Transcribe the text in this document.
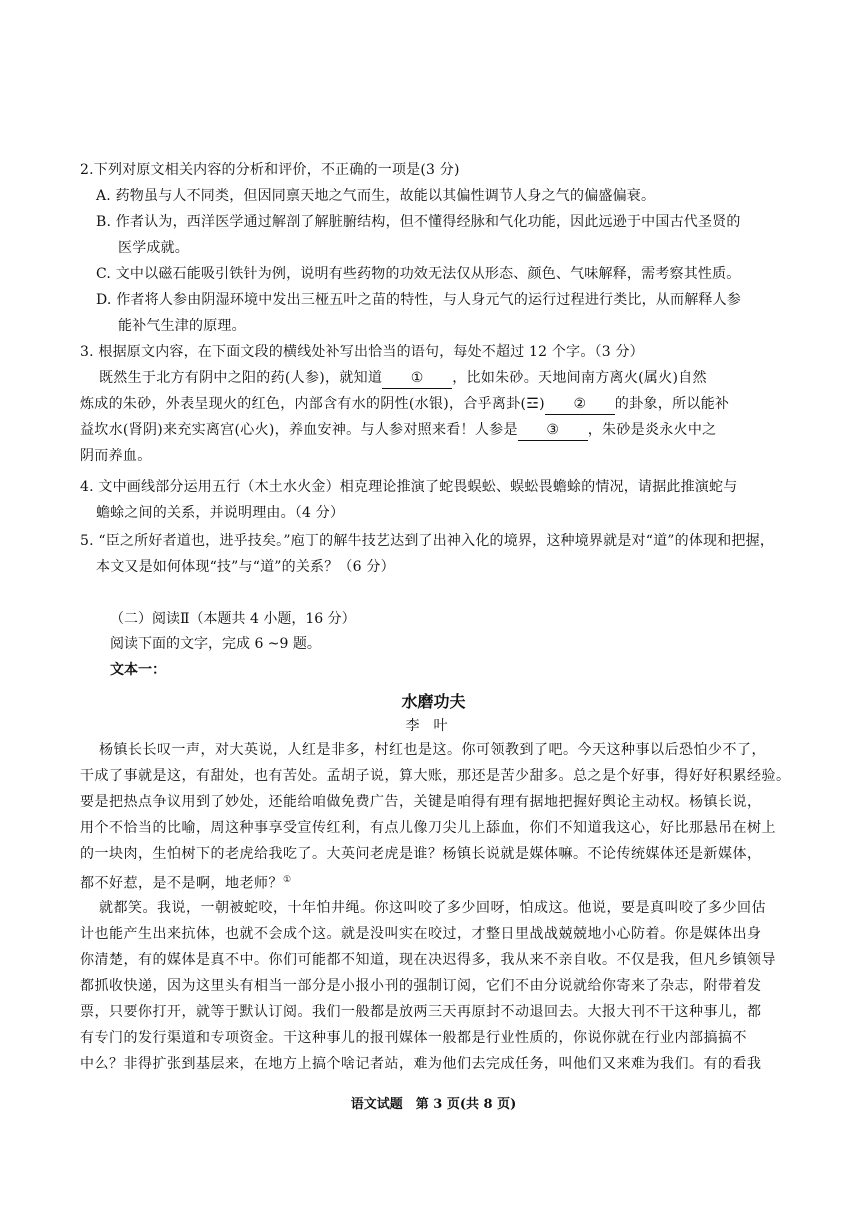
2.下列对原文相关内容的分析和评价，不正确的一项是(3 分)
A. 药物虽与人不同类，但因同禀天地之气而生，故能以其偏性调节人身之气的偏盛偏衰。
B. 作者认为，西洋医学通过解剖了解脏腑结构，但不懂得经脉和气化功能，因此远逊于中国古代圣贤的
医学成就。
C. 文中以磁石能吸引铁针为例，说明有些药物的功效无法仅从形态、颜色、气味解释，需考察其性质。
D. 作者将人参由阴湿环境中发出三桠五叶之苗的特性，与人身元气的运行过程进行类比，从而解释人参
能补气生津的原理。
3. 根据原文内容，在下面文段的横线处补写出恰当的语句，每处不超过 12 个字。（3 分）
既然生于北方有阴中之阳的药(人参)，就知道 ① ，比如朱砂。天地间南方离火(属火)自然
炼成的朱砂，外表呈现火的红色，内部含有水的阴性(水银)，合乎离卦(☲) ② 的卦象，所以能补
益坎水(肾阴)来充实离宫(心火)，养血安神。与人参对照来看！人参是 ③ ，朱砂是炎永火中之
阴而养血。
4. 文中画线部分运用五行（木土水火金）相克理论推演了蛇畏蜈蚣、蜈蚣畏蟾蜍的情况，请据此推演蛇与
蟾蜍之间的关系，并说明理由。（4 分）
5. “臣之所好者道也，进乎技矣。”庖丁的解牛技艺达到了出神入化的境界，这种境界就是对“道”的体现和把握，
本文又是如何体现“技”与“道”的关系？（6 分）
（二）阅读Ⅱ（本题共 4 小题，16 分）
阅读下面的文字，完成 6 ~9 题。
文本一：
水磨功夫
李叶
杨镇长长叹一声，对大英说，人红是非多，村红也是这。你可领教到了吧。今天这种事以后恐怕少不了，
干成了事就是这，有甜处，也有苦处。孟胡子说，算大账，那还是苦少甜多。总之是个好事，得好好积累经验。
要是把热点争议用到了妙处，还能给咱做免费广告，关键是咱得有理有据地把握好舆论主动权。杨镇长说，
用个不恰当的比喻，周这种事享受宣传红利，有点儿像刀尖儿上舔血，你们不知道我这心，好比那悬吊在树上
的一块肉，生怕树下的老虎给我吃了。大英问老虎是谁？杨镇长说就是媒体嘛。不论传统媒体还是新媒体，
都不好惹，是不是啊，地老师？①
就都笑。我说，一朝被蛇咬，十年怕井绳。你这叫咬了多少回呀，怕成这。他说，要是真叫咬了多少回估
计也能产生出来抗体，也就不会成个这。就是没叫实在咬过，才整日里战战兢兢地小心防着。你是媒体出身
你清楚，有的媒体是真不中。你们可能都不知道，现在决迟得多，我从来不亲自收。不仅是我，但凡乡镇领导
都抓收快递，因为这里头有相当一部分是小报小刊的强制订阅，它们不由分说就给你寄来了杂志，附带着发
票，只要你打开，就等于默认订阅。我们一般都是放两三天再原封不动退回去。大报大刊不干这种事儿，都
有专门的发行渠道和专项资金。干这种事儿的报刊媒体一般都是行业性质的，你说你就在行业内部搞搞不
中么？非得扩张到基层来，在地方上搞个啥记者站，难为他们去完成任务，叫他们又来难为我们。有的看我
语文试题　第 3 页(共 8 页)
